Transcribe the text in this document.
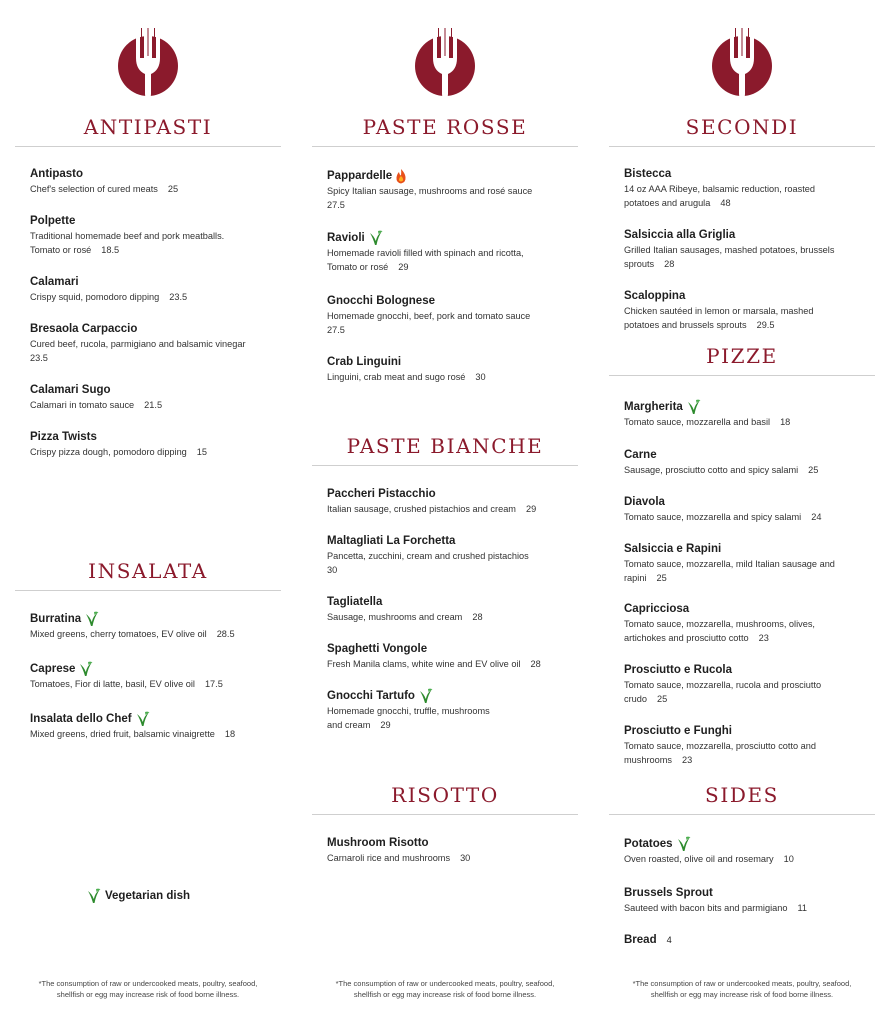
ANTIPASTI
Antipasto
Chef's selection of cured meats 25
Polpette
Traditional homemade beef and pork meatballs.
Tomato or rosé 18.5
Calamari
Crispy squid, pomodoro dipping 23.5
Bresaola Carpaccio
Cured beef, rucola, parmigiano and balsamic vinegar
23.5
Calamari Sugo
Calamari in tomato sauce 21.5
Pizza Twists
Crispy pizza dough, pomodoro dipping 15
INSALATA
Burratina
Mixed greens, cherry tomatoes, EV olive oil 28.5
Caprese
Tomatoes, Fior di latte, basil, EV olive oil 17.5
Insalata dello Chef
Mixed greens, dried fruit, balsamic vinaigrette 18
Vegetarian dish
*The consumption of raw or undercooked meats, poultry, seafood,
shellfish or egg may increase risk of food borne illness.
PASTE ROSSE
Pappardelle
Spicy Italian sausage, mushrooms and rosé sauce
27.5
Ravioli
Homemade ravioli filled with spinach and ricotta,
Tomato or rosé 29
Gnocchi Bolognese
Homemade gnocchi, beef, pork and tomato sauce
27.5
Crab Linguini
Linguini, crab meat and sugo rosé 30
PASTE BIANCHE
Paccheri Pistacchio
Italian sausage, crushed pistachios and cream 29
Maltagliati La Forchetta
Pancetta, zucchini, cream and crushed pistachios
30
Tagliatella
Sausage, mushrooms and cream 28
Spaghetti Vongole
Fresh Manila clams, white wine and EV olive oil 28
Gnocchi Tartufo
Homemade gnocchi, truffle, mushrooms
and cream 29
RISOTTO
Mushroom Risotto
Carnaroli rice and mushrooms 30
*The consumption of raw or undercooked meats, poultry, seafood,
shellfish or egg may increase risk of food borne illness.
SECONDI
Bistecca
14 oz AAA Ribeye, balsamic reduction, roasted
potatoes and arugula 48
Salsiccia alla Griglia
Grilled Italian sausages, mashed potatoes, brussels
sprouts 28
Scaloppina
Chicken sautéed in lemon or marsala, mashed
potatoes and brussels sprouts 29.5
PIZZE
Margherita
Tomato sauce, mozzarella and basil 18
Carne
Sausage, prosciutto cotto and spicy salami 25
Diavola
Tomato sauce, mozzarella and spicy salami 24
Salsiccia e Rapini
Tomato sauce, mozzarella, mild Italian sausage and
rapini 25
Capricciosa
Tomato sauce, mozzarella, mushrooms, olives,
artichokes and prosciutto cotto 23
Prosciutto e Rucola
Tomato sauce, mozzarella, rucola and prosciutto
crudo 25
Prosciutto e Funghi
Tomato sauce, mozzarella, prosciutto cotto and
mushrooms 23
SIDES
Potatoes
Oven roasted, olive oil and rosemary 10
Brussels Sprout
Sauteed with bacon bits and parmigiano 11
Bread 4
*The consumption of raw or undercooked meats, poultry, seafood,
shellfish or egg may increase risk of food borne illness.
